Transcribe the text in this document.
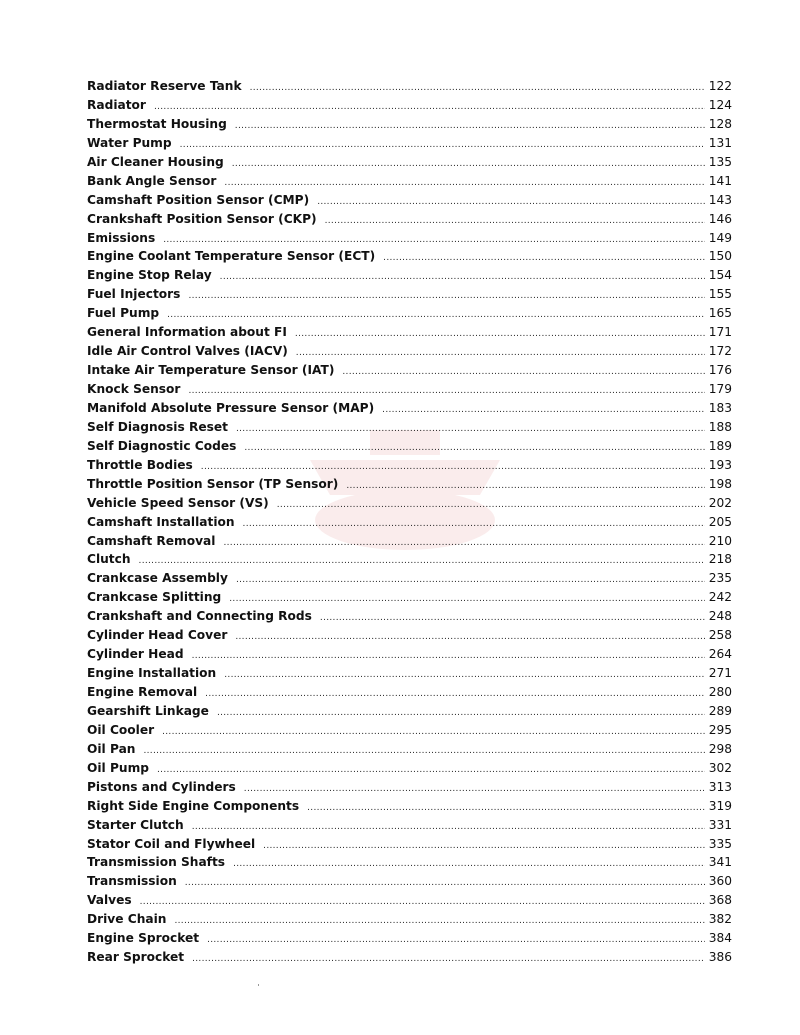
Radiator Reserve Tank .....	122
Radiator .....	124
Thermostat Housing .....	128
Water Pump .....	131
Air Cleaner Housing .....	135
Bank Angle Sensor .....	141
Camshaft Position Sensor (CMP) .....	143
Crankshaft Position Sensor (CKP) .....	146
Emissions .....	149
Engine Coolant Temperature Sensor (ECT) .....	150
Engine Stop Relay .....	154
Fuel Injectors .....	155
Fuel Pump .....	165
General Information about FI .....	171
Idle Air Control Valves (IACV) .....	172
Intake Air Temperature Sensor (IAT) .....	176
Knock Sensor .....	179
Manifold Absolute Pressure Sensor (MAP) .....	183
Self Diagnosis Reset .....	188
Self Diagnostic Codes .....	189
Throttle Bodies .....	193
Throttle Position Sensor (TP Sensor) .....	198
Vehicle Speed Sensor (VS) .....	202
Camshaft Installation .....	205
Camshaft Removal .....	210
Clutch .....	218
Crankcase Assembly .....	235
Crankcase Splitting .....	242
Crankshaft and Connecting Rods .....	248
Cylinder Head Cover .....	258
Cylinder Head .....	264
Engine Installation .....	271
Engine Removal .....	280
Gearshift Linkage .....	289
Oil Cooler .....	295
Oil Pan .....	298
Oil Pump .....	302
Pistons and Cylinders .....	313
Right Side Engine Components .....	319
Starter Clutch .....	331
Stator Coil and Flywheel .....	335
Transmission Shafts .....	341
Transmission .....	360
Valves .....	368
Drive Chain .....	382
Engine Sprocket .....	384
Rear Sprocket .....	386
